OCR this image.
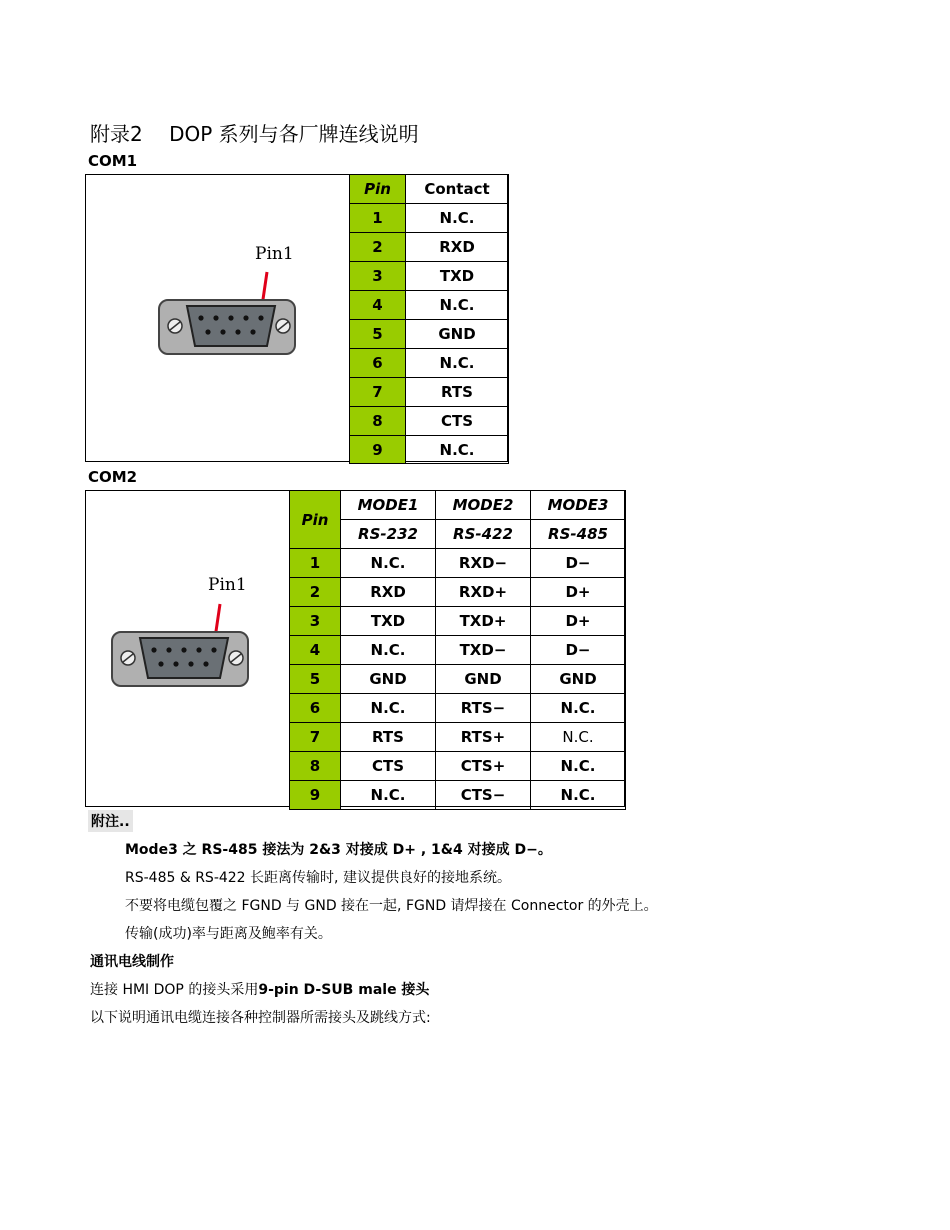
附录2 　DOP 系列与各厂牌连线说明
COM1
Pin1
Pin	Contact
1	N.C.
2	RXD
3	TXD
4	N.C.
5	GND
6	N.C.
7	RTS
8	CTS
9	N.C.
COM2
Pin1
Pin	MODE1	MODE2	MODE3
	RS-232	RS-422	RS-485
1	N.C.	RXD−	D−
2	RXD	RXD+	D+
3	TXD	TXD+	D+
4	N.C.	TXD−	D−
5	GND	GND	GND
6	N.C.	RTS−	N.C.
7	RTS	RTS+	N.C.
8	CTS	CTS+	N.C.
9	N.C.	CTS−	N.C.
附注..
Mode3 之 RS-485 接法为 2&3 对接成 D+ , 1&4 对接成 D−。
RS-485 & RS-422 长距离传输时, 建议提供良好的接地系统。
不要将电缆包覆之 FGND 与 GND 接在一起, FGND 请焊接在 Connector 的外壳上。
传输(成功)率与距离及鲍率有关。
通讯电线制作
连接 HMI DOP 的接头采用9-pin D-SUB male 接头
以下说明通讯电缆连接各种控制器所需接头及跳线方式:
